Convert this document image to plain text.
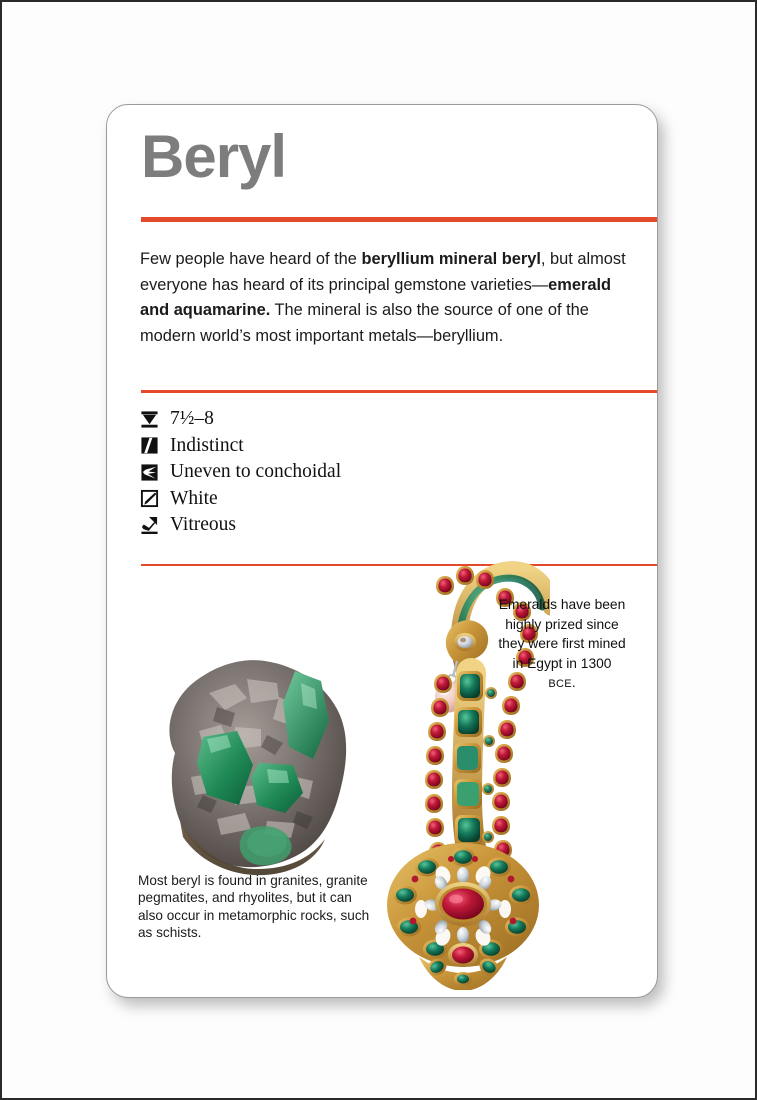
Beryl

Few people have heard of the beryllium mineral beryl, but almost everyone has heard of its principal gemstone varieties—emerald and aquamarine. The mineral is also the source of one of the modern world’s most important metals—beryllium.

7½–8
Indistinct
Uneven to conchoidal
White
Vitreous
Most beryl is found in granites, granite pegmatites, and rhyolites, but it can also occur in metamorphic rocks, such as schists.
Emeralds have been highly prized since they were first mined in Egypt in 1300 BCE.
